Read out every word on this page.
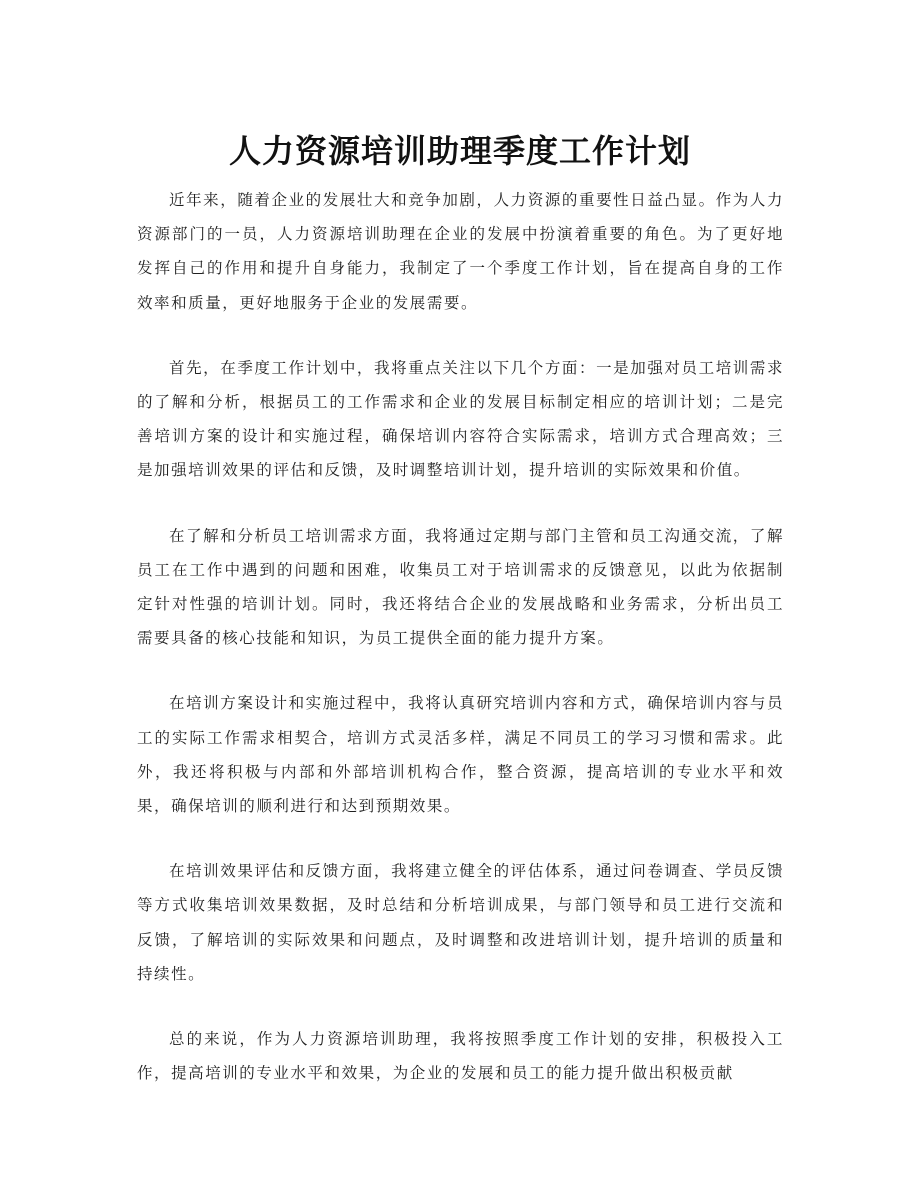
人力资源培训助理季度工作计划

近年来，随着企业的发展壮大和竞争加剧，人力资源的重要性日益凸显。作为人力资源部门的一员，人力资源培训助理在企业的发展中扮演着重要的角色。为了更好地发挥自己的作用和提升自身能力，我制定了一个季度工作计划，旨在提高自身的工作效率和质量，更好地服务于企业的发展需要。

首先，在季度工作计划中，我将重点关注以下几个方面：一是加强对员工培训需求的了解和分析，根据员工的工作需求和企业的发展目标制定相应的培训计划；二是完善培训方案的设计和实施过程，确保培训内容符合实际需求，培训方式合理高效；三是加强培训效果的评估和反馈，及时调整培训计划，提升培训的实际效果和价值。

在了解和分析员工培训需求方面，我将通过定期与部门主管和员工沟通交流，了解员工在工作中遇到的问题和困难，收集员工对于培训需求的反馈意见，以此为依据制定针对性强的培训计划。同时，我还将结合企业的发展战略和业务需求，分析出员工需要具备的核心技能和知识，为员工提供全面的能力提升方案。

在培训方案设计和实施过程中，我将认真研究培训内容和方式，确保培训内容与员工的实际工作需求相契合，培训方式灵活多样，满足不同员工的学习习惯和需求。此外，我还将积极与内部和外部培训机构合作，整合资源，提高培训的专业水平和效果，确保培训的顺利进行和达到预期效果。

在培训效果评估和反馈方面，我将建立健全的评估体系，通过问卷调查、学员反馈等方式收集培训效果数据，及时总结和分析培训成果，与部门领导和员工进行交流和反馈，了解培训的实际效果和问题点，及时调整和改进培训计划，提升培训的质量和持续性。

总的来说，作为人力资源培训助理，我将按照季度工作计划的安排，积极投入工作，提高培训的专业水平和效果，为企业的发展和员工的能力提升做出积极贡献
